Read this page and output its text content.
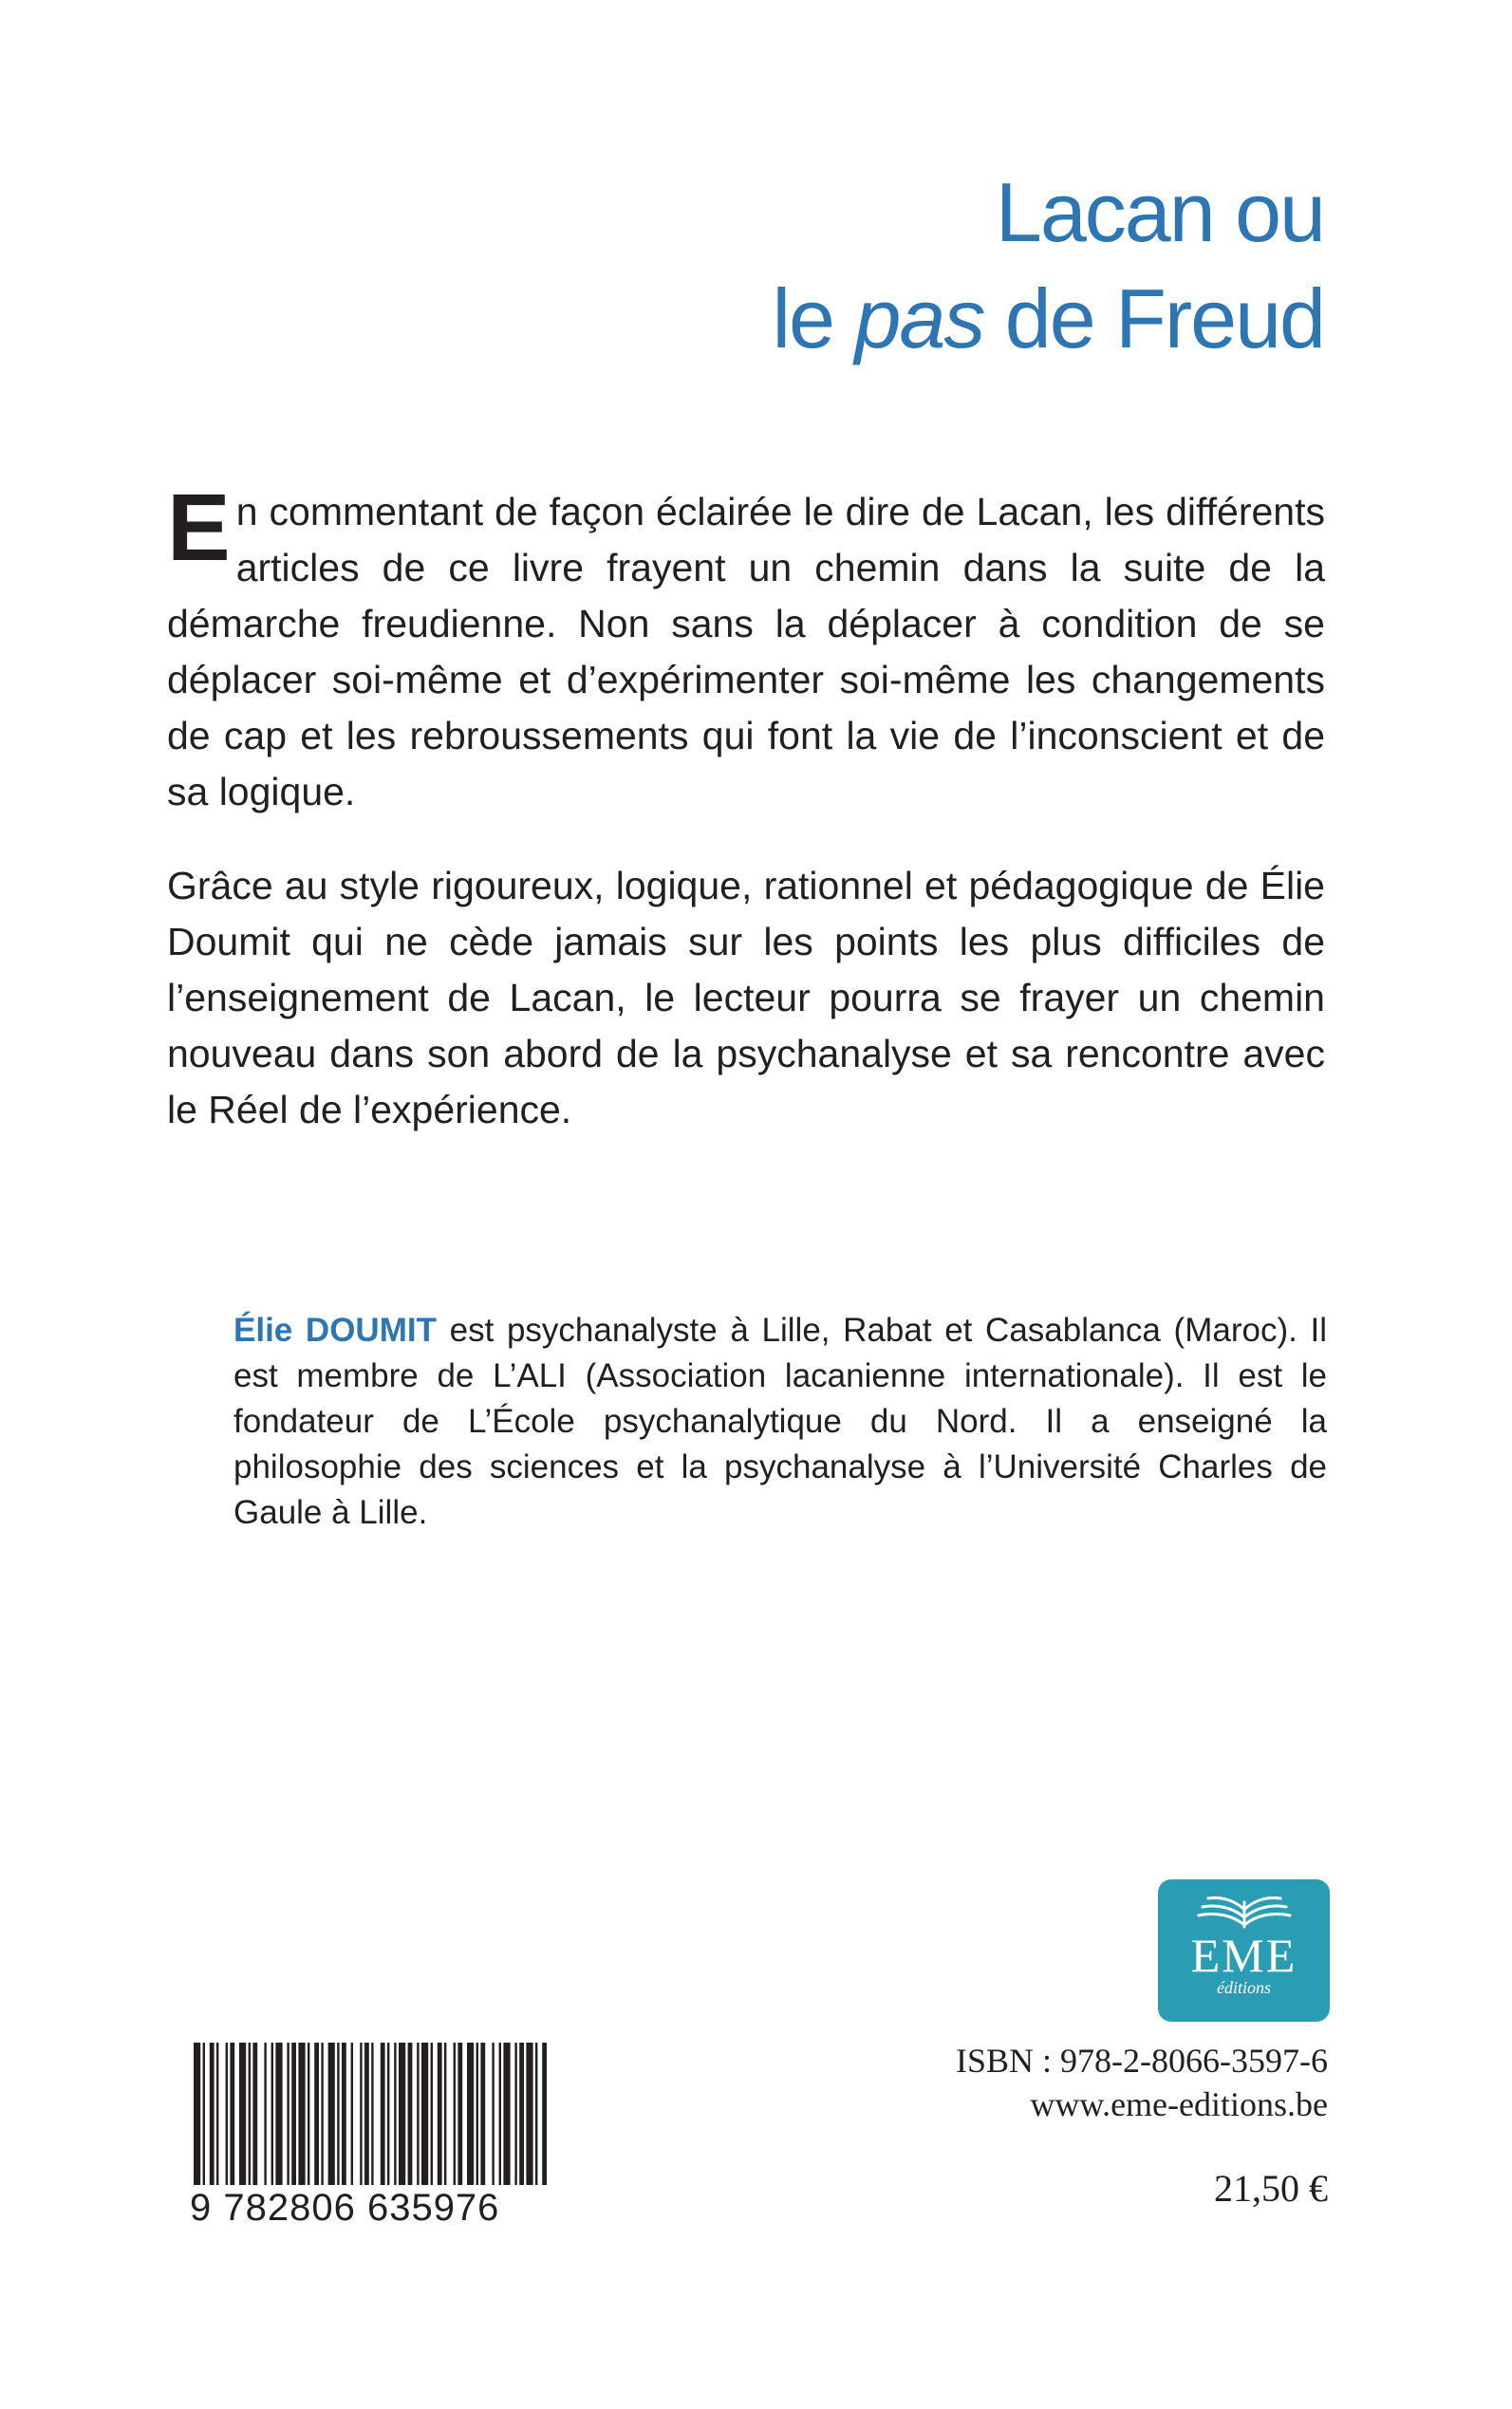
Lacan ou
le pas de Freud

En commentant de façon éclairée le dire de Lacan, les différents articles de ce livre frayent un chemin dans la suite de la démarche freudienne. Non sans la déplacer à condition de se déplacer soi-même et d’expérimenter soi-même les changements de cap et les rebroussements qui font la vie de l’inconscient et de sa logique.

Grâce au style rigoureux, logique, rationnel et pédagogique de Élie Doumit qui ne cède jamais sur les points les plus difficiles de l’enseignement de Lacan, le lecteur pourra se frayer un chemin nouveau dans son abord de la psychanalyse et sa rencontre avec le Réel de l’expérience.

Élie DOUMIT est psychanalyste à Lille, Rabat et Casablanca (Maroc). Il est membre de L’ALI (Association lacanienne internationale). Il est le fondateur de L’École psychanalytique du Nord. Il a enseigné la philosophie des sciences et la psychanalyse à l’Université Charles de Gaule à Lille.
EME
éditions
9 782806 635976
ISBN : 978-2-8066-3597-6
www.eme-editions.be
21,50 €
